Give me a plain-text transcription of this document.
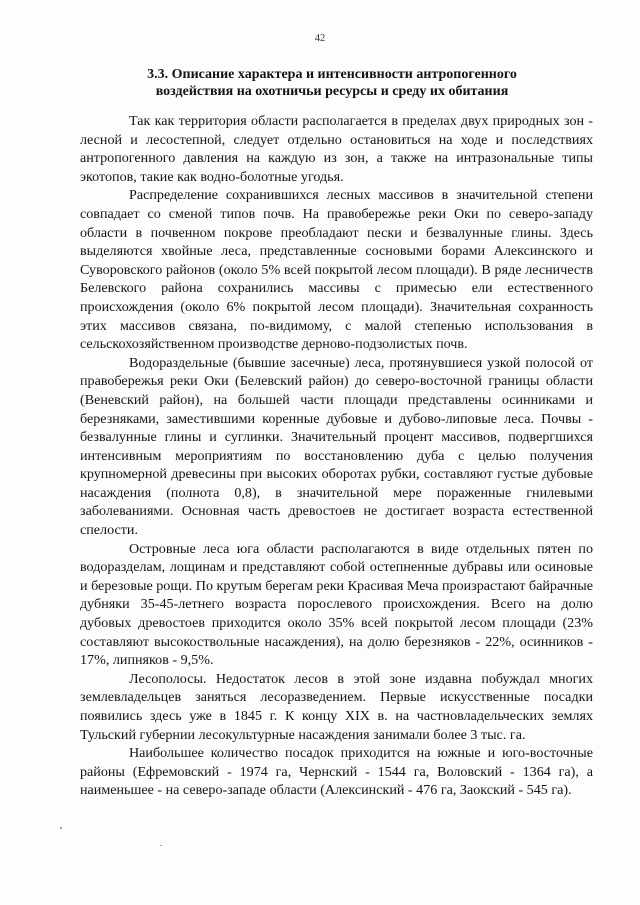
42
3.3. Описание характера и интенсивности антропогенного воздействия на охотничьи ресурсы и среду их обитания

Так как территория области располагается в пределах двух природных зон - лесной и лесостепной, следует отдельно остановиться на ходе и последствиях антропогенного давления на каждую из зон, а также на интразональные типы экотопов, такие как водно-болотные угодья.

Распределение сохранившихся лесных массивов в значительной степени совпадает со сменой типов почв. На правобережье реки Оки по северо-западу области в почвенном покрове преобладают пески и безвалунные глины. Здесь выделяются хвойные леса, представленные сосновыми борами Алексинского и Суворовского районов (около 5% всей покрытой лесом площади). В ряде лесничеств Белевского района сохранились массивы с примесью ели естественного происхождения (около 6% покрытой лесом площади). Значительная сохранность этих массивов связана, по-видимому, с малой степенью использования в сельскохозяйственном производстве дерново-подзолистых почв.

Водораздельные (бывшие засечные) леса, протянувшиеся узкой полосой от правобережья реки Оки (Белевский район) до северо-восточной границы области (Веневский район), на большей части площади представлены осинниками и березняками, заместившими коренные дубовые и дубово-липовые леса. Почвы - безвалунные глины и суглинки. Значительный процент массивов, подвергшихся интенсивным мероприятиям по восстановлению дуба с целью получения крупномерной древесины при высоких оборотах рубки, составляют густые дубовые насаждения (полнота 0,8), в значительной мере пораженные гнилевыми заболеваниями. Основная часть древостоев не достигает возраста естественной спелости.

Островные леса юга области располагаются в виде отдельных пятен по водоразделам, лощинам и представляют собой остепненные дубравы или осиновые и березовые рощи. По крутым берегам реки Красивая Меча произрастают байрачные дубняки 35-45-летнего возраста порослевого происхождения. Всего на долю дубовых древостоев приходится около 35% всей покрытой лесом площади (23% составляют высокоствольные насаждения), на долю березняков - 22%, осинников - 17%, липняков - 9,5%.

Лесополосы. Недостаток лесов в этой зоне издавна побуждал многих землевладельцев заняться лесоразведением. Первые искусственные посадки появились здесь уже в 1845 г. К концу XIX в. на частновладельческих землях Тульский губернии лесокультурные насаждения занимали более 3 тыс. га.

Наибольшее количество посадок приходится на южные и юго-восточные районы (Ефремовский - 1974 га, Чернский - 1544 га, Воловский - 1364 га), а наименьшее - на северо-западе области (Алексинский - 476 га, Заокский - 545 га).
